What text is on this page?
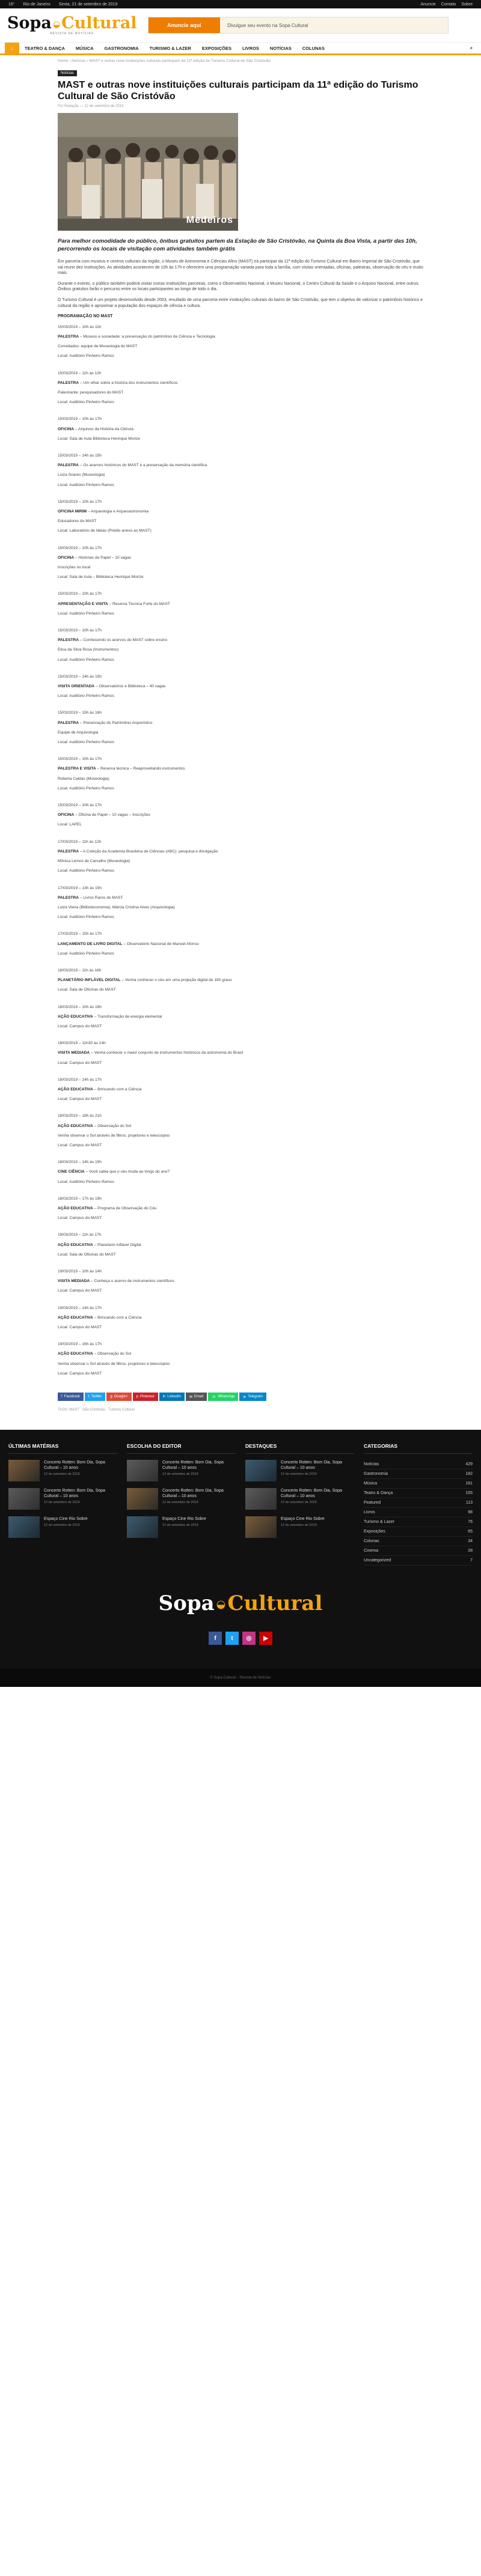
16° Rio de Janeiro Sexta, 21 de setembro de 2019	Anuncie Contato Sobre
Sopa ◒ Cultural
REVISTA DE NOTÍCIAS
Anuncie aqui	Divulgue seu evento na Sopa Cultural
⌂	TEATRO & DANÇA	MÚSICA	GASTRONOMIA	TURISMO & LAZER	EXPOSIÇÕES	LIVROS	NOTÍCIAS	COLUNAS	⌕
Home › Notícias › MAST e outras nove instituições culturais participam da 11ª edição do Turismo Cultural de São Cristóvão
Notícias
MAST e outras nove instituições culturais participam da 11ª edição do Turismo Cultural de São Cristóvão
Por Redação — 12 de setembro de 2019
Medeiros
Para melhor comodidade do público, ônibus gratuitos partem da Estação de São Cristóvão, na Quinta da Boa Vista, a partir das 10h, percorrendo os locais de visitação com atividades também grátis

Em parceria com museus e centros culturais da região, o Museu de Astronomia e Ciências Afins (MAST) irá participar da 11ª edição do Turismo Cultural em Bairro Imperial de São Cristóvão, que vai reunir dez instituições. As atividades acontecem de 10h às 17h e oferecem uma programação variada para toda a família, com visitas orientadas, oficinas, palestras, observação do céu e muito mais.

Durante o evento, o público também poderá visitar outras instituições parceiras, como o Observatório Nacional, o Museu Nacional, o Centro Cultural da Saúde e o Arquivo Nacional, entre outros. Ônibus gratuitos farão o percurso entre os locais participantes ao longo de todo o dia.

O Turismo Cultural é um projeto desenvolvido desde 2003, resultado de uma parceria entre instituições culturais do bairro de São Cristóvão, que tem o objetivo de valorizar o patrimônio histórico e cultural da região e aproximar a população dos espaços de ciência e cultura.

PROGRAMAÇÃO NO MAST

15/03/2019 – 10h às 11h

PALESTRA – Museus e sociedade: a preservação do patrimônio de Ciência e Tecnologia

Convidados: equipe de Museologia do MAST

Local: Auditório Pinheiro Ramos

15/03/2019 – 11h às 12h

PALESTRA – Um olhar sobre a história dos instrumentos científicos

Palestrante: pesquisadores do MAST

Local: Auditório Pinheiro Ramos

15/03/2019 – 10h às 17h

OFICINA – Arquivos da História da Ciência

Local: Sala de Aula Biblioteca Henrique Morize

15/03/2019 – 14h às 15h

PALESTRA – Os acervos históricos do MAST e a preservação da memória científica

Luiza Soares (Museologia)

Local: Auditório Pinheiro Ramos

15/03/2019 – 10h às 17h

OFICINA MIRIM – Arqueologia e Arqueoastronomia

Educadores do MAST

Local: Laboratório de Ideias (Prédio anexo ao MAST)

15/03/2019 – 10h às 17h

OFICINA – Histórias de Papel – 10 vagas

Inscrições no local

Local: Sala de Aula – Biblioteca Henrique Morize

15/03/2019 – 10h às 17h

APRESENTAÇÃO E VISITA – Reserva Técnica Forte do MAST

Local: Auditório Pinheiro Ramos

15/03/2019 – 10h às 17h

PALESTRA – Conhecendo os acervos do MAST sobre ensino

Elisa da Silva Rosa (Instrumentos)

Local: Auditório Pinheiro Ramos

15/03/2019 – 14h às 15h

VISITA ORIENTADA – Observatórios e Biblioteca – 40 vagas

Local: Auditório Pinheiro Ramos

15/03/2019 – 15h às 16h

PALESTRA – Preservação do Patrimônio Arquivístico

Equipe de Arquivologia

Local: Auditório Pinheiro Ramos

15/03/2019 – 10h às 17h

PALESTRA E VISITA – Reserva técnica – Reaproveitando instrumentos

Roberta Caldas (Museologia)

Local: Auditório Pinheiro Ramos

15/03/2019 – 10h às 17h

OFICINA – Oficina de Papel – 10 vagas – Inscrições

Local: LAPEL

17/03/2019 – 11h às 12h

PALESTRA – A Coleção da Academia Brasileira de Ciências (ABC): pesquisa e divulgação

Mônica Lemos de Carvalho (Museologia)

Local: Auditório Pinheiro Ramos

17/03/2019 – 13h às 15h

PALESTRA – Livros Raros do MAST

Luiza Vieira (Biblioteconomia); Márcia Cristina Alves (Arquivologia)

Local: Auditório Pinheiro Ramos

17/03/2019 – 15h às 17h

LANÇAMENTO DE LIVRO DIGITAL – Observatório Nacional de Manoel Afonso

Local: Auditório Pinheiro Ramos

18/03/2019 – 11h às 16h

PLANETÁRIO INFLÁVEL DIGITAL – Venha conhecer o céu em uma projeção digital de 180 graus

Local: Sala de Oficinas do MAST

18/03/2019 – 10h às 16h

AÇÃO EDUCATIVA – Transformação de energia elemental

Local: Campus do MAST

18/03/2019 – 11h30 às 14h

VISITA MEDIADA – Venha conhecer o maior conjunto de instrumentos históricos da astronomia do Brasil

Local: Campus do MAST

18/03/2019 – 14h às 17h

AÇÃO EDUCATIVA – Brincando com a Ciência

Local: Campus do MAST

18/03/2019 – 18h às 21h

AÇÃO EDUCATIVA – Observação do Sol

Venha observar o Sol através de filtros, projetores e telescópios

Local: Campus do MAST

18/03/2019 – 14h às 15h

CINE CIÊNCIA – Você sabia que o céu muda ao longo do ano?

Local: Auditório Pinheiro Ramos

18/03/2019 – 17h às 19h

AÇÃO EDUCATIVA – Programa de Observação do Céu

Local: Campus do MAST

19/03/2019 – 11h às 17h

AÇÃO EDUCATIVA – Planetário Inflável Digital

Local: Sala de Oficinas do MAST

19/03/2019 – 10h às 14h

VISITA MEDIADA – Conheça o acervo de instrumentos científicos

Local: Campus do MAST

19/03/2019 – 14h às 17h

AÇÃO EDUCATIVA – Brincando com a Ciência

Local: Campus do MAST

19/03/2019 – 16h às 17h

AÇÃO EDUCATIVA – Observação do Sol

Venha observar o Sol através de filtros, projetores e telescópios

Local: Campus do MAST

f Facebook t Twitter g Google+ p Pinterest in LinkedIn ✉ Email ☏ WhatsApp ➤ Telegram
TAGS: MAST · São Cristóvão · Turismo Cultural
ÚLTIMAS MATÉRIAS
Concerto Rotten: Bom Dia, Sopa Cultural – 10 anos
12 de setembro de 2019
Concerto Rotten: Bom Dia, Sopa Cultural – 10 anos
12 de setembro de 2019
Espaço Cine Rio Sobre
12 de setembro de 2019
ESCOLHA DO EDITOR
Concerto Rotten: Bom Dia, Sopa Cultural – 10 anos
12 de setembro de 2019
Concerto Rotten: Bom Dia, Sopa Cultural – 10 anos
12 de setembro de 2019
Espaço Cine Rio Sobre
12 de setembro de 2019
DESTAQUES
Concerto Rotten: Bom Dia, Sopa Cultural – 10 anos
12 de setembro de 2019
Concerto Rotten: Bom Dia, Sopa Cultural – 10 anos
12 de setembro de 2019
Espaço Cine Rio Sobre
12 de setembro de 2019
CATEGORIAS
Notícias	429
Gastronomia	182
Música	161
Teatro & Dança	155
Featured	113
Livros	98
Turismo & Lazer	76
Exposições	65
Colunas	34
Cinema	28
Uncategorized	7
Sopa ◒ Cultural
f	t	◎	▶
© Sopa Cultural – Revista de Notícias
